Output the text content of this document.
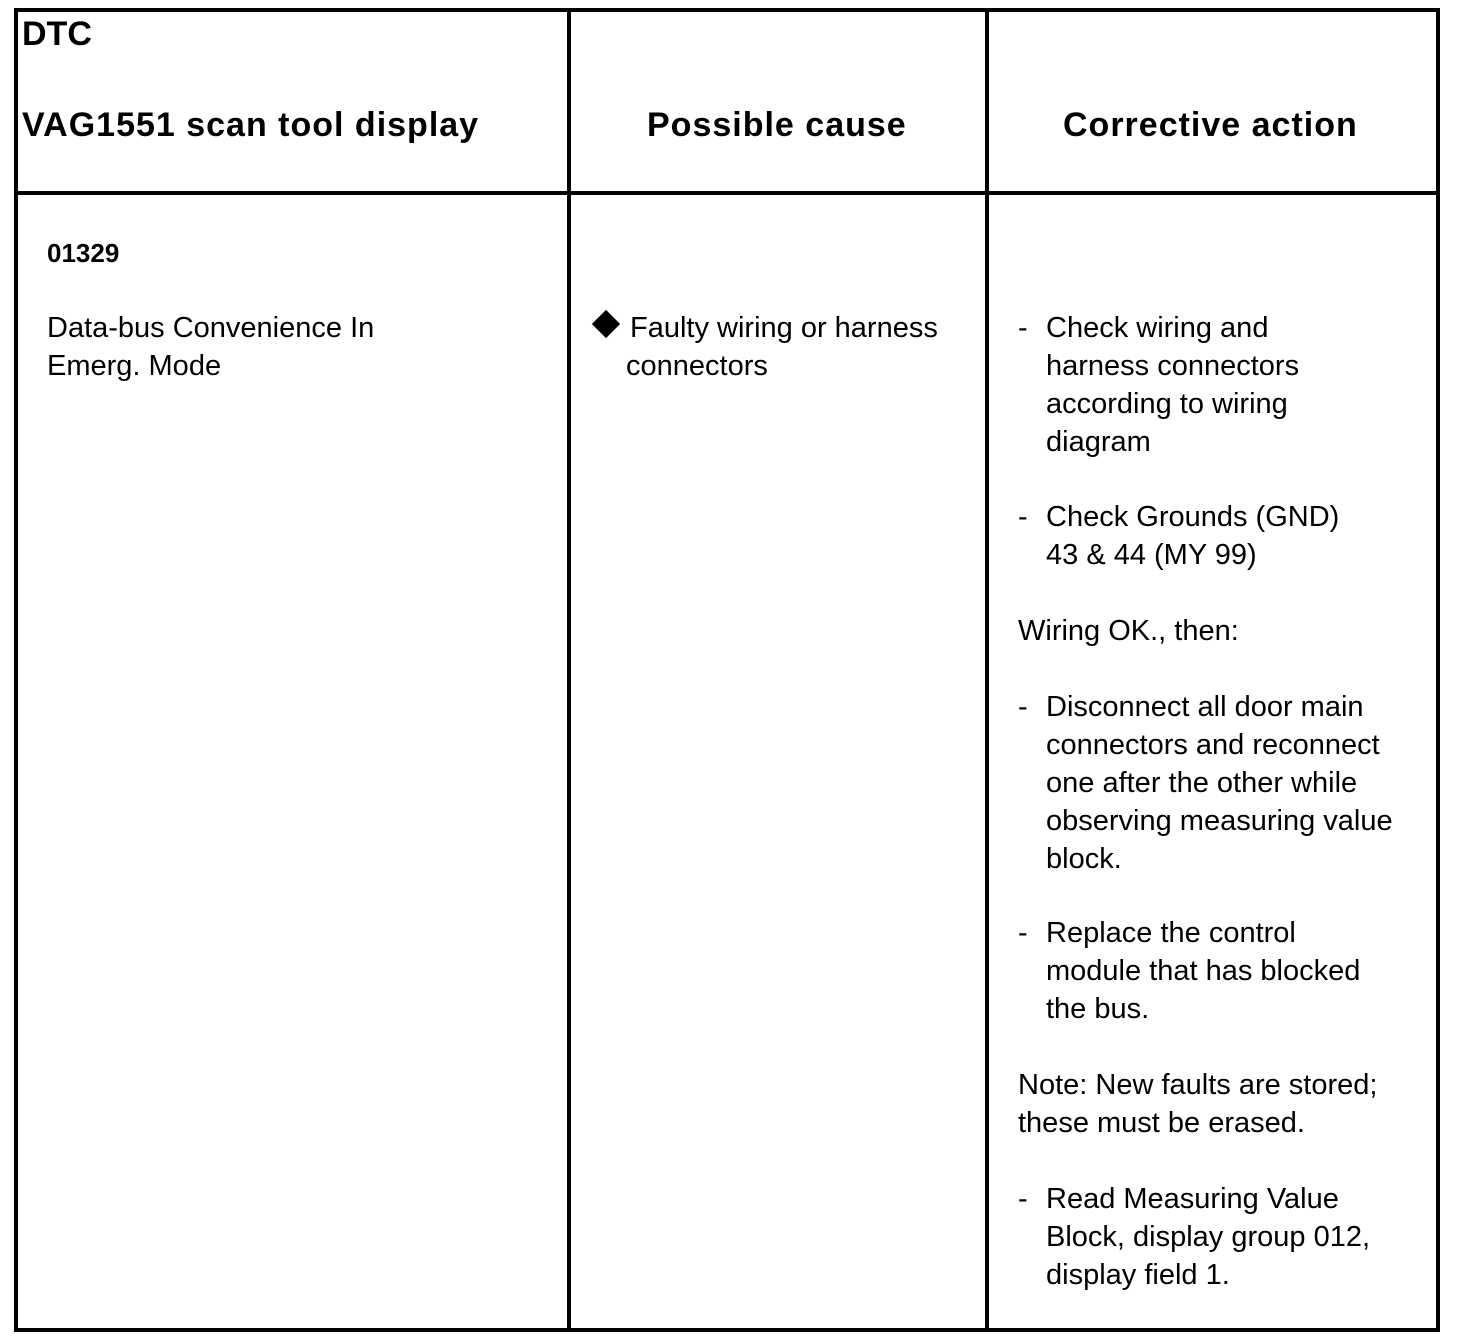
DTC
VAG1551 scan tool display	Possible cause	Corrective action
01329
Data-bus Convenience In
Emerg. Mode
Faulty wiring or harness
connectors
- Check wiring and
harness connectors
according to wiring
diagram
- Check Grounds (GND)
43 & 44 (MY 99)
Wiring OK., then:
- Disconnect all door main
connectors and reconnect
one after the other while
observing measuring value
block.
- Replace the control
module that has blocked
the bus.
Note: New faults are stored;
these must be erased.
- Read Measuring Value
Block, display group 012,
display field 1.
